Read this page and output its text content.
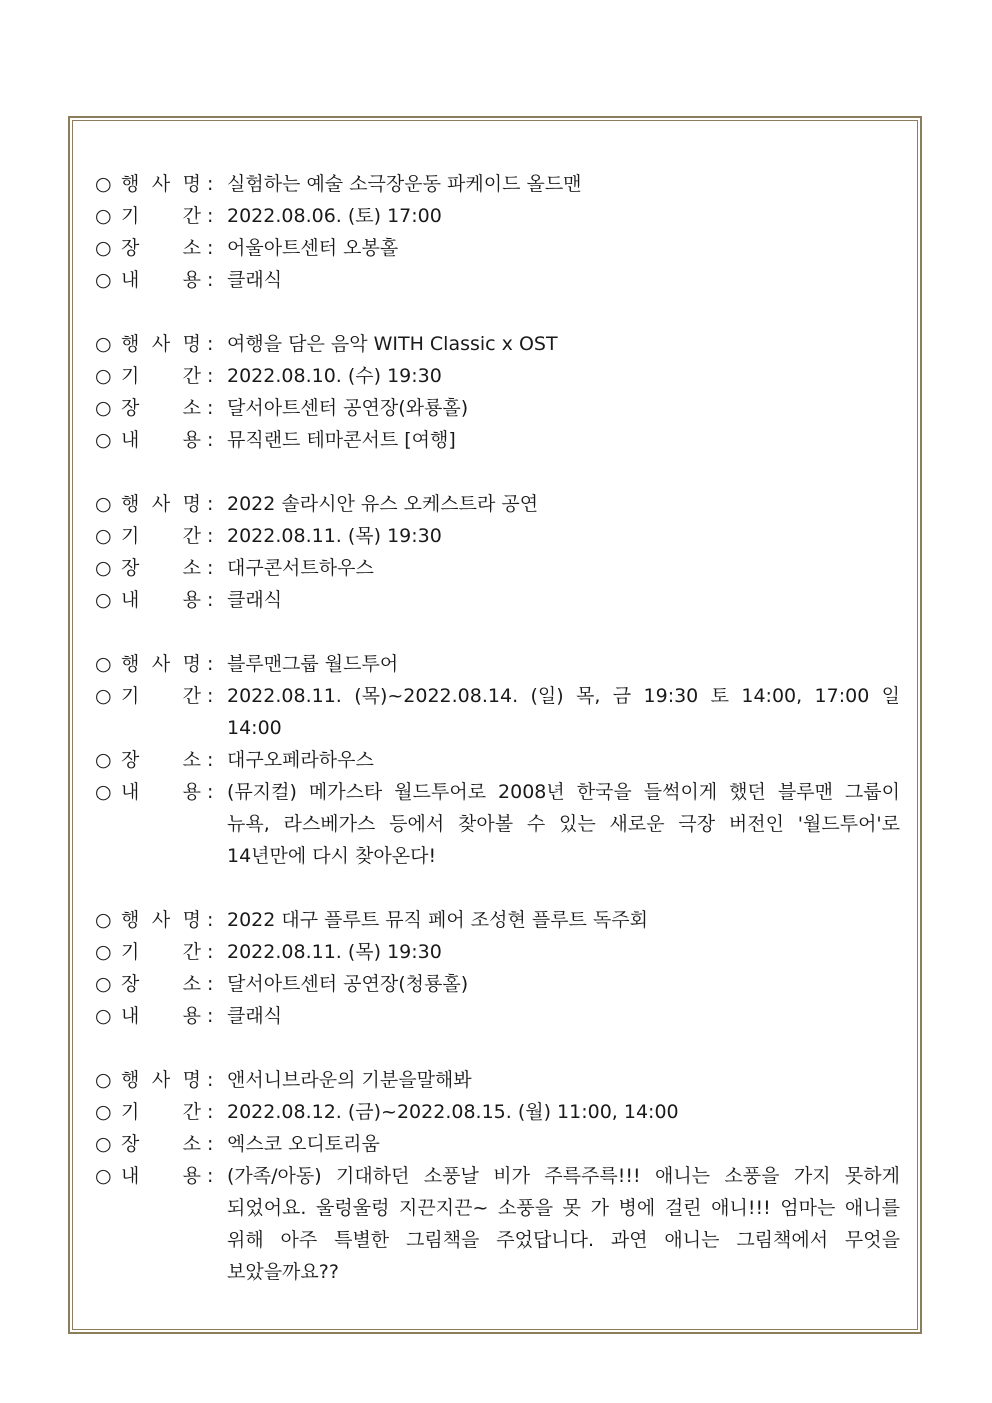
○ 행 사 명 : 실험하는 예술 소극장운동 파케이드 올드맨
○ 기 간 : 2022.08.06. (토) 17:00
○ 장 소 : 어울아트센터 오봉홀
○ 내 용 : 클래식
○ 행 사 명 : 여행을 담은 음악 WITH Classic x OST
○ 기 간 : 2022.08.10. (수) 19:30
○ 장 소 : 달서아트센터 공연장(와룡홀)
○ 내 용 : 뮤직랜드 테마콘서트 [여행]
○ 행 사 명 : 2022 솔라시안 유스 오케스트라 공연
○ 기 간 : 2022.08.11. (목) 19:30
○ 장 소 : 대구콘서트하우스
○ 내 용 : 클래식
○ 행 사 명 : 블루맨그룹 월드투어
○ 기 간 : 2022.08.11. (목)~2022.08.14. (일) 목, 금 19:30 토 14:00, 17:00 일 14:00
○ 장 소 : 대구오페라하우스
○ 내 용 : (뮤지컬) 메가스타 월드투어로 2008년 한국을 들썩이게 했던 블루맨 그룹이 뉴욕, 라스베가스 등에서 찾아볼 수 있는 새로운 극장 버전인 '월드투어'로 14년만에 다시 찾아온다!
○ 행 사 명 : 2022 대구 플루트 뮤직 페어 조성현 플루트 독주회
○ 기 간 : 2022.08.11. (목) 19:30
○ 장 소 : 달서아트센터 공연장(청룡홀)
○ 내 용 : 클래식
○ 행 사 명 : 앤서니브라운의 기분을말해봐
○ 기 간 : 2022.08.12. (금)~2022.08.15. (월) 11:00, 14:00
○ 장 소 : 엑스코 오디토리움
○ 내 용 : (가족/아동) 기대하던 소풍날 비가 주륵주륵!!! 애니는 소풍을 가지 못하게 되었어요. 울렁울렁 지끈지끈~ 소풍을 못 가 병에 걸린 애니!!! 엄마는 애니를 위해 아주 특별한 그림책을 주었답니다. 과연 애니는 그림책에서 무엇을 보았을까요??
